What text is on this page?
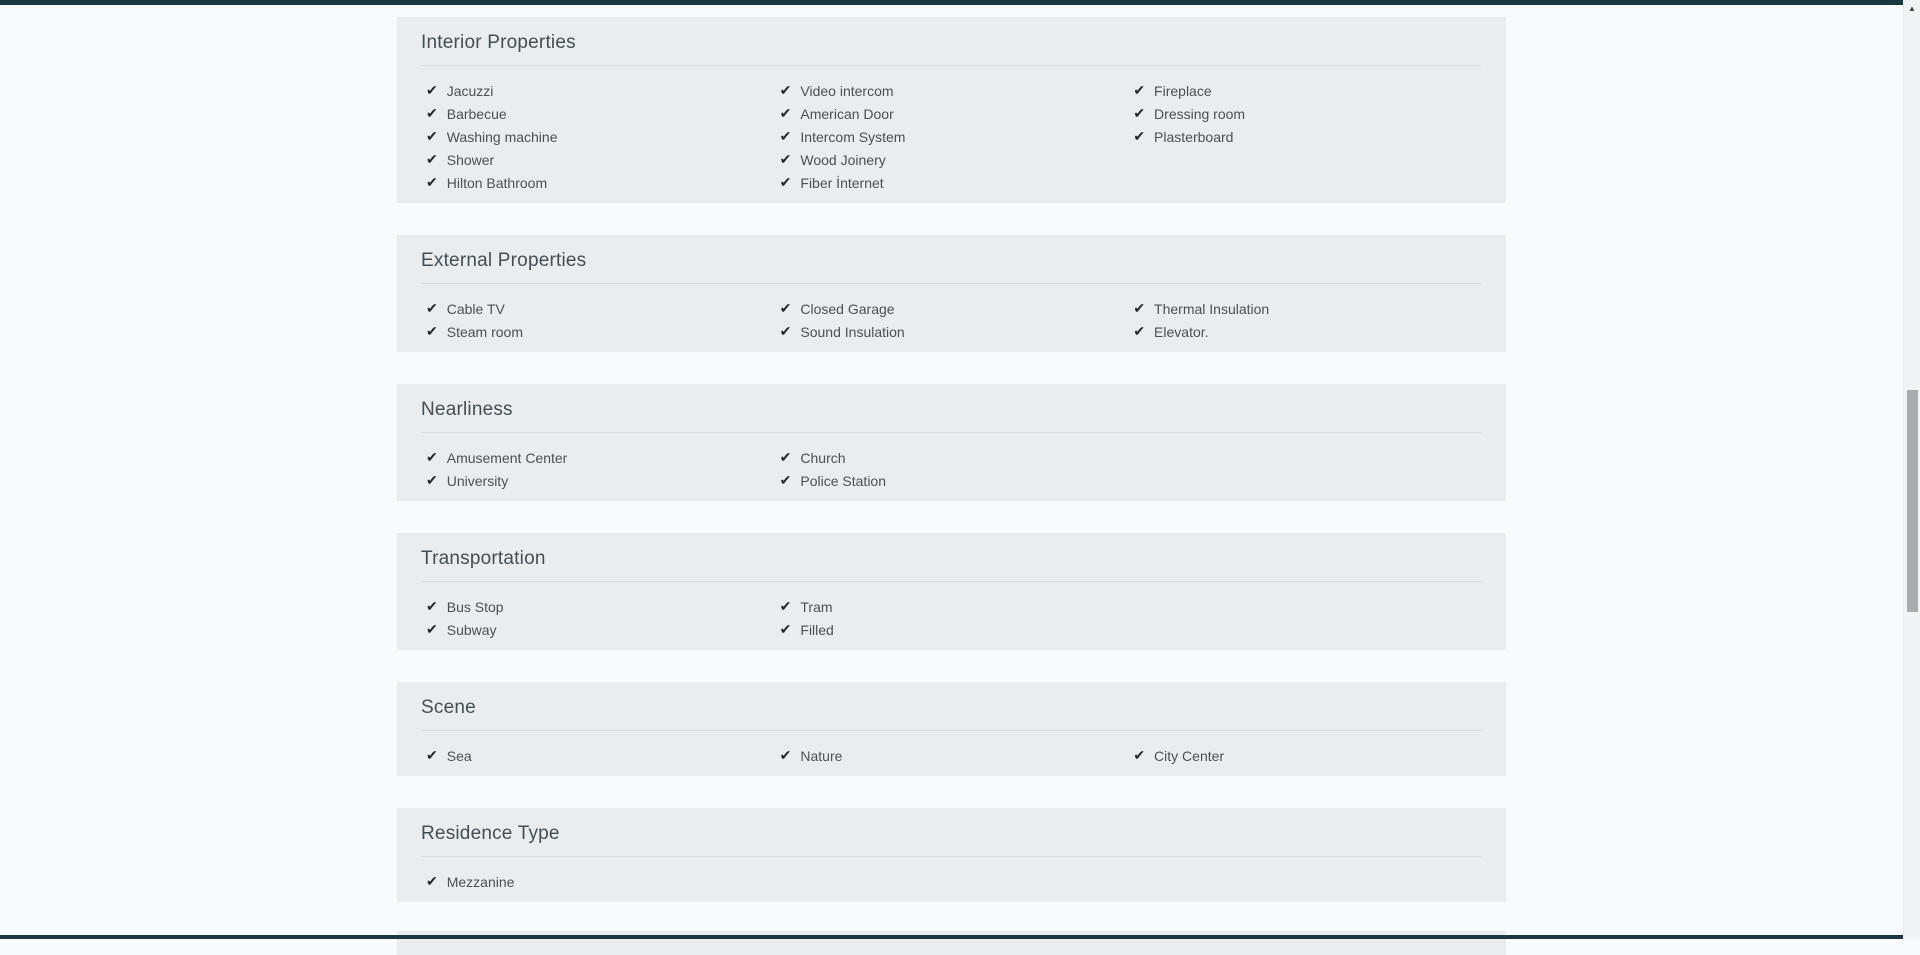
Interior Properties
✔ Jacuzzi
✔ Barbecue
✔ Washing machine
✔ Shower
✔ Hilton Bathroom
✔ Video intercom
✔ American Door
✔ Intercom System
✔ Wood Joinery
✔ Fiber İnternet
✔ Fireplace
✔ Dressing room
✔ Plasterboard
External Properties
✔ Cable TV
✔ Steam room
✔ Closed Garage
✔ Sound Insulation
✔ Thermal Insulation
✔ Elevator.
Nearliness
✔ Amusement Center
✔ University
✔ Church
✔ Police Station
Transportation
✔ Bus Stop
✔ Subway
✔ Tram
✔ Filled
Scene
✔ Sea	✔ Nature	✔ City Center
Residence Type
✔ Mezzanine
▲
